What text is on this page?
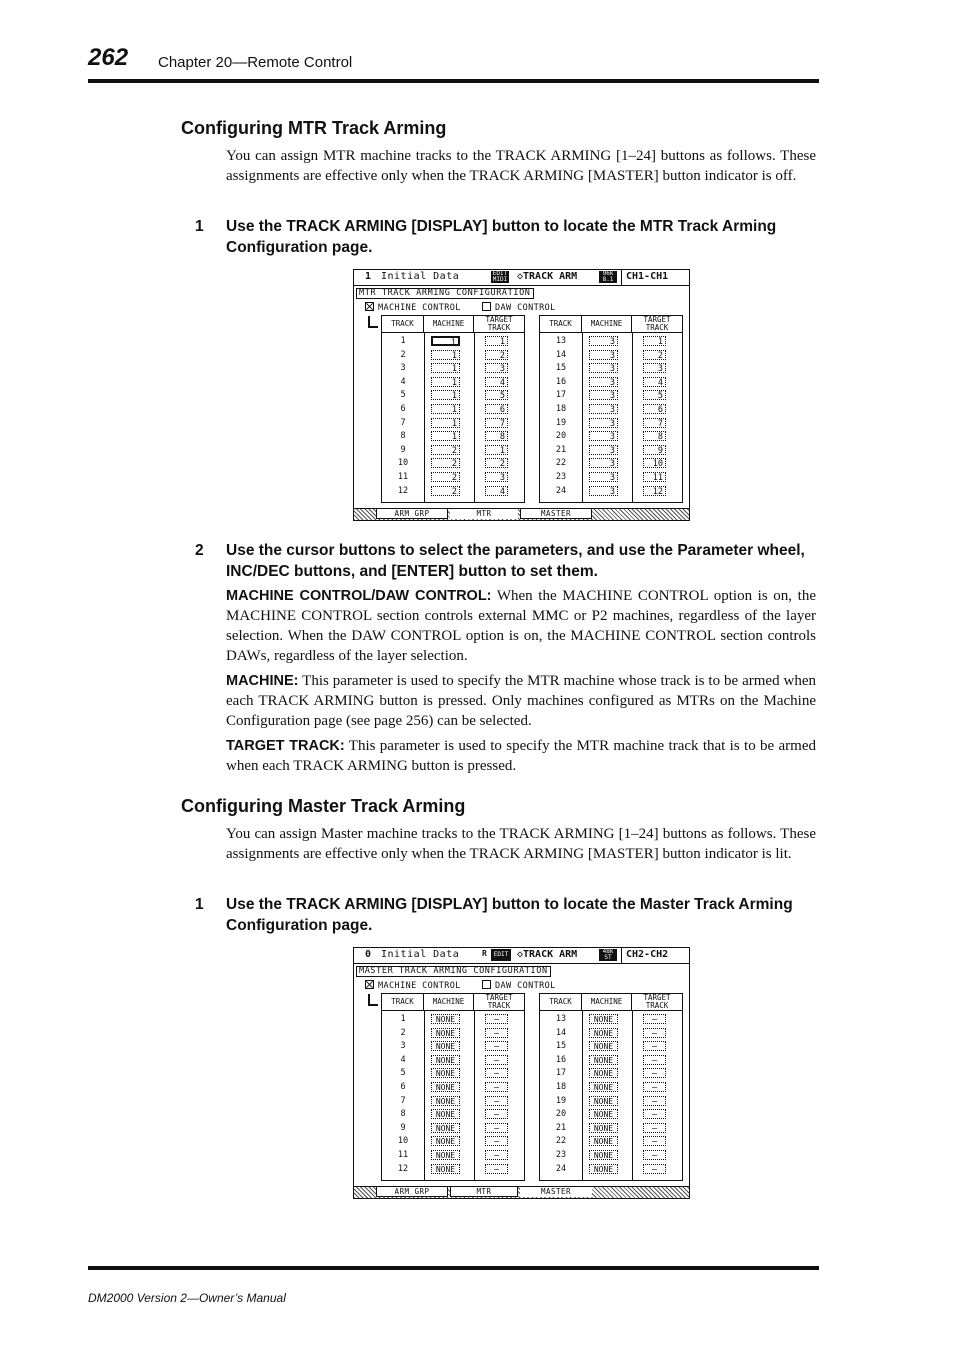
262 Chapter 20—Remote Control
Configuring MTR Track Arming

You can assign MTR machine tracks to the TRACK ARMING [1–24] buttons as follows. These assignments are effective only when the TRACK ARMING [MASTER] button indicator is off.

1 Use the TRACK ARMING [DISPLAY] button to locate the MTR Track Arming Configuration page.
1 Initial Data	EDIT MIDI ◇TRACK ARM	96k 8.1	CH1-CH1
MTR TRACK ARMING CONFIGURATION
MACHINE CONTROL	DAW CONTROL
TRACK	MACHINE	TARGET
TRACK
1	1	1
2	1	2
3	1	3
4	1	4
5	1	5
6	1	6
7	1	7
8	1	8
9	2	1
10	2	2
11	2	3
12	2	4
TRACK	MACHINE	TARGET
TRACK
13	3	1
14	3	2
15	3	3
16	3	4
17	3	5
18	3	6
19	3	7
20	3	8
21	3	9
22	3	10
23	3	11
24	3	12
ARM GRP	MTR	MASTER
2 Use the cursor buttons to select the parameters, and use the Parameter wheel, INC/DEC buttons, and [ENTER] button to set them.

MACHINE CONTROL/DAW CONTROL: When the MACHINE CONTROL option is on, the MACHINE CONTROL section controls external MMC or P2 machines, regardless of the layer selection. When the DAW CONTROL option is on, the MACHINE CONTROL section controls DAWs, regardless of the layer selection.

MACHINE: This parameter is used to specify the MTR machine whose track is to be armed when each TRACK ARMING button is pressed. Only machines configured as MTRs on the Machine Configuration page (see page 256) can be selected.

TARGET TRACK: This parameter is used to specify the MTR machine track that is to be armed when each TRACK ARMING button is pressed.

Configuring Master Track Arming

You can assign Master machine tracks to the TRACK ARMING [1–24] buttons as follows. These assignments are effective only when the TRACK ARMING [MASTER] button indicator is lit.

1 Use the TRACK ARMING [DISPLAY] button to locate the Master Track Arming Configuration page.
0 Initial Data	R	EDIT ◇TRACK ARM	48k ST	CH2-CH2
MASTER TRACK ARMING CONFIGURATION
MACHINE CONTROL	DAW CONTROL
TRACK	MACHINE	TARGET
TRACK
1	NONE	–
2	NONE	–
3	NONE	–
4	NONE	–
5	NONE	–
6	NONE	–
7	NONE	–
8	NONE	–
9	NONE	–
10	NONE	–
11	NONE	–
12	NONE	–
TRACK	MACHINE	TARGET
TRACK
13	NONE	–
14	NONE	–
15	NONE	–
16	NONE	–
17	NONE	–
18	NONE	–
19	NONE	–
20	NONE	–
21	NONE	–
22	NONE	–
23	NONE	–
24	NONE	–
ARM GRP	MTR	MASTER
DM2000 Version 2—Owner’s Manual
